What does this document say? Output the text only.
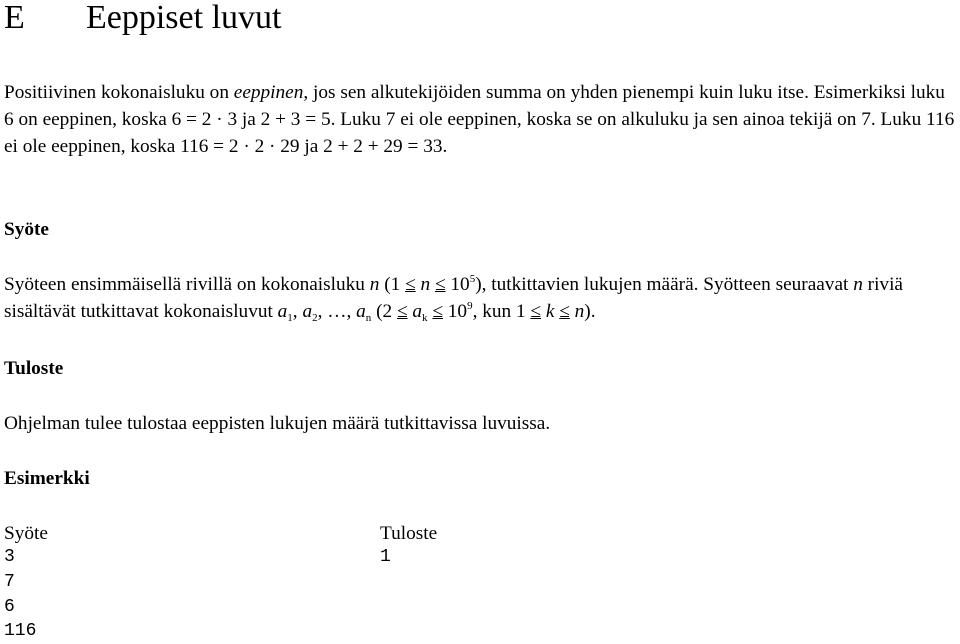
E Eeppiset luvut
Positiivinen kokonaisluku on eeppinen, jos sen alkutekijöiden summa on yhden pienempi kuin luku itse. Esimerkiksi luku 6 on eeppinen, koska 6 = 2 · 3 ja 2 + 3 = 5. Luku 7 ei ole eeppinen, koska se on alkuluku ja sen ainoa tekijä on 7. Luku 116 ei ole eeppinen, koska 116 = 2 · 2 · 29 ja 2 + 2 + 29 = 33.
Syöte
Syöteen ensimmäisellä rivillä on kokonaisluku n $(1 \le n \le 10^5)$, tutkittavien lukujen määrä. Syötteen seuraavat n riviä sisältävät tutkittavat kokonaisluvut $a_1$, $a_2$, …, $a_n$ ($2 \le a_k \le 10^9$, kun 1 ≤ k ≤ n).
Tuloste
Ohjelman tulee tulostaa eeppisten lukujen määrä tutkittavissa luvuissa.
Esimerkki
Syöte	Tuloste
3
7
6
116
1
